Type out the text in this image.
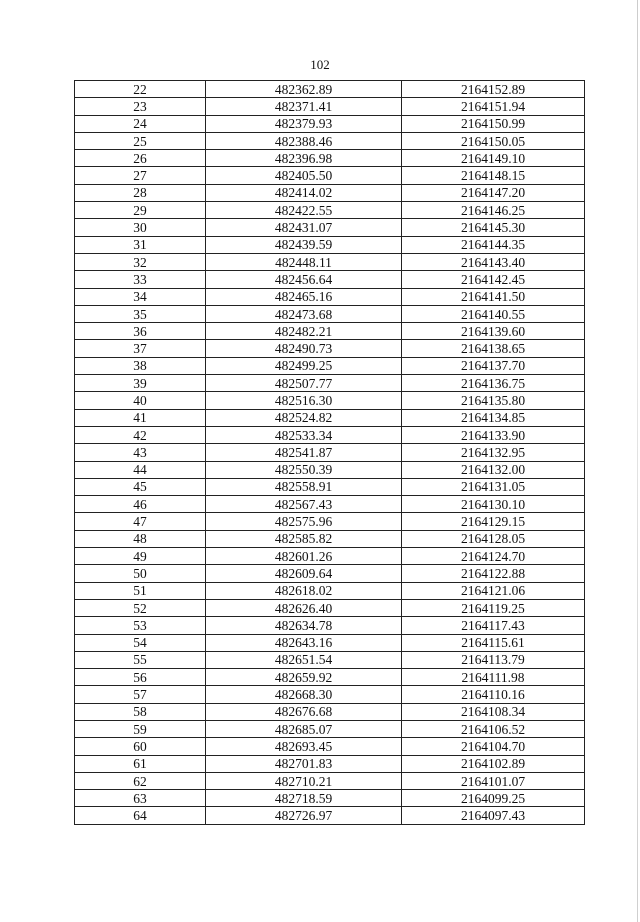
102
22	482362.89	2164152.89
23	482371.41	2164151.94
24	482379.93	2164150.99
25	482388.46	2164150.05
26	482396.98	2164149.10
27	482405.50	2164148.15
28	482414.02	2164147.20
29	482422.55	2164146.25
30	482431.07	2164145.30
31	482439.59	2164144.35
32	482448.11	2164143.40
33	482456.64	2164142.45
34	482465.16	2164141.50
35	482473.68	2164140.55
36	482482.21	2164139.60
37	482490.73	2164138.65
38	482499.25	2164137.70
39	482507.77	2164136.75
40	482516.30	2164135.80
41	482524.82	2164134.85
42	482533.34	2164133.90
43	482541.87	2164132.95
44	482550.39	2164132.00
45	482558.91	2164131.05
46	482567.43	2164130.10
47	482575.96	2164129.15
48	482585.82	2164128.05
49	482601.26	2164124.70
50	482609.64	2164122.88
51	482618.02	2164121.06
52	482626.40	2164119.25
53	482634.78	2164117.43
54	482643.16	2164115.61
55	482651.54	2164113.79
56	482659.92	2164111.98
57	482668.30	2164110.16
58	482676.68	2164108.34
59	482685.07	2164106.52
60	482693.45	2164104.70
61	482701.83	2164102.89
62	482710.21	2164101.07
63	482718.59	2164099.25
64	482726.97	2164097.43
